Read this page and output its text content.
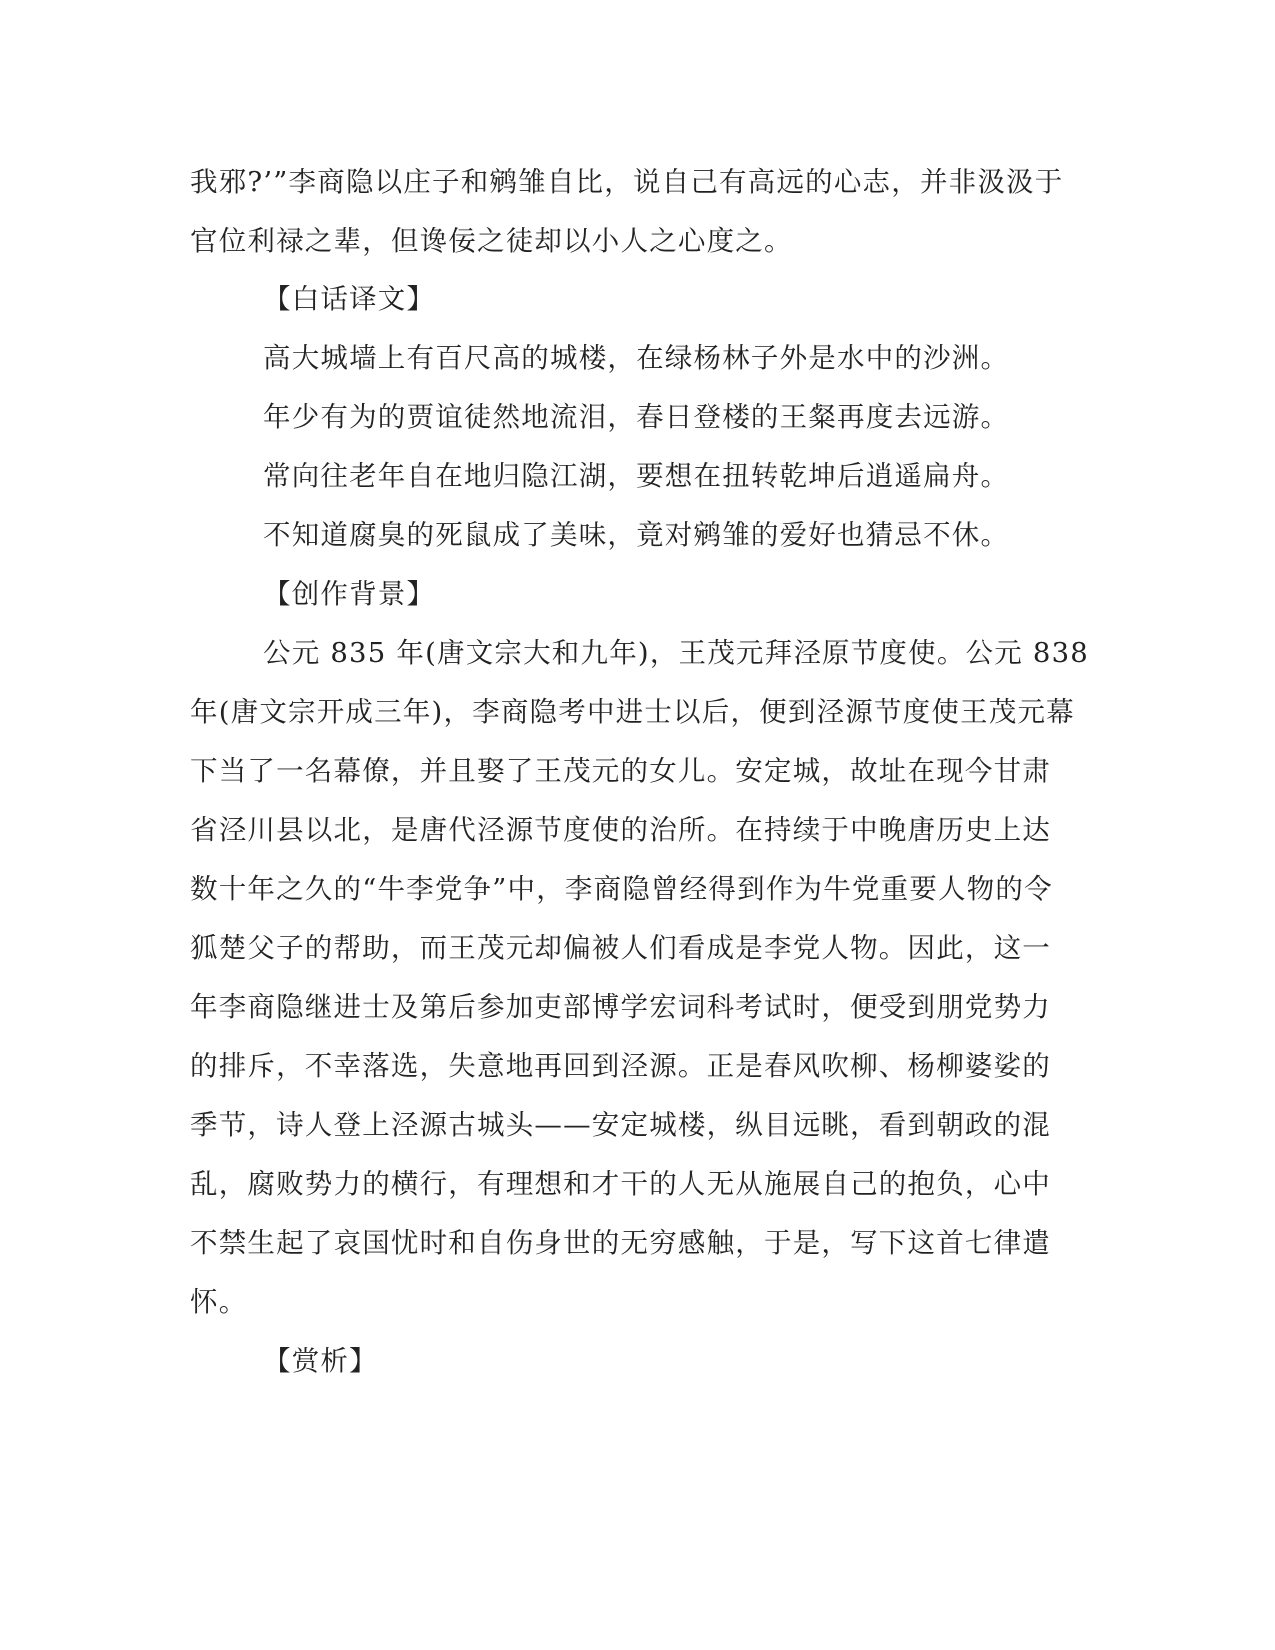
我邪?’”李商隐以庄子和鹓雏自比，说自己有高远的心志，并非汲汲于
官位利禄之辈，但谗佞之徒却以小人之心度之。
【白话译文】
高大城墙上有百尺高的城楼，在绿杨林子外是水中的沙洲。
年少有为的贾谊徒然地流泪，春日登楼的王粲再度去远游。
常向往老年自在地归隐江湖，要想在扭转乾坤后逍遥扁舟。
不知道腐臭的死鼠成了美味，竟对鹓雏的爱好也猜忌不休。
【创作背景】
公元 835 年(唐文宗大和九年)，王茂元拜泾原节度使。公元 838
年(唐文宗开成三年)，李商隐考中进士以后，便到泾源节度使王茂元幕
下当了一名幕僚，并且娶了王茂元的女儿。安定城，故址在现今甘肃
省泾川县以北，是唐代泾源节度使的治所。在持续于中晚唐历史上达
数十年之久的“牛李党争”中，李商隐曾经得到作为牛党重要人物的令
狐楚父子的帮助，而王茂元却偏被人们看成是李党人物。因此，这一
年李商隐继进士及第后参加吏部博学宏词科考试时，便受到朋党势力
的排斥，不幸落选，失意地再回到泾源。正是春风吹柳、杨柳婆娑的
季节，诗人登上泾源古城头——安定城楼，纵目远眺，看到朝政的混
乱，腐败势力的横行，有理想和才干的人无从施展自己的抱负，心中
不禁生起了哀国忧时和自伤身世的无穷感触，于是，写下这首七律遣
怀。
【赏析】
